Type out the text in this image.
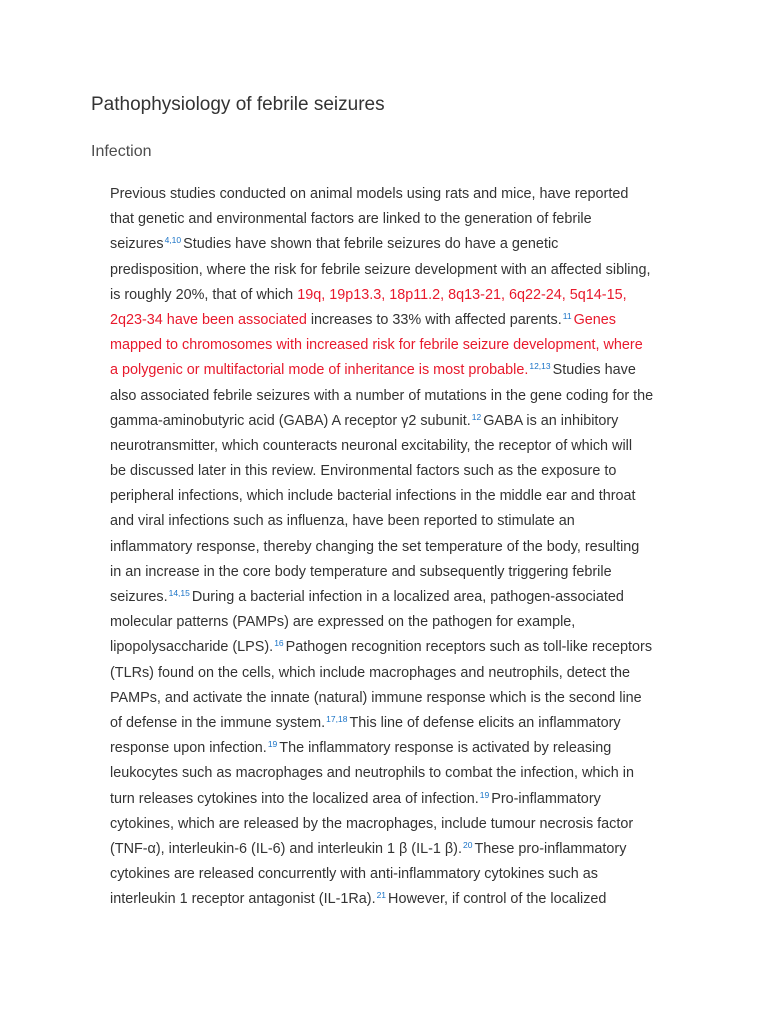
Pathophysiology of febrile seizures
Infection
Previous studies conducted on animal models using rats and mice, have reported
that genetic and environmental factors are linked to the generation of febrile
seizures$^{4,10}$ Studies have shown that febrile seizures do have a genetic
predisposition, where the risk for febrile seizure development with an affected sibling,
is roughly 20%, that of which 19q, 19p13.3, 18p11.2, 8q13-21, 6q22-24, 5q14-15,
2q23-34 have been associated increases to 33% with affected parents.$^{11}$ Genes
mapped to chromosomes with increased risk for febrile seizure development, where
a polygenic or multifactorial mode of inheritance is most probable.$^{12,13}$ Studies have
also associated febrile seizures with a number of mutations in the gene coding for the
gamma-aminobutyric acid (GABA) A receptor γ2 subunit.$^{12}$ GABA is an inhibitory
neurotransmitter, which counteracts neuronal excitability, the receptor of which will
be discussed later in this review. Environmental factors such as the exposure to
peripheral infections, which include bacterial infections in the middle ear and throat
and viral infections such as influenza, have been reported to stimulate an
inflammatory response, thereby changing the set temperature of the body, resulting
in an increase in the core body temperature and subsequently triggering febrile
seizures.$^{14,15}$ During a bacterial infection in a localized area, pathogen-associated
molecular patterns (PAMPs) are expressed on the pathogen for example,
lipopolysaccharide (LPS).$^{16}$ Pathogen recognition receptors such as toll-like receptors
(TLRs) found on the cells, which include macrophages and neutrophils, detect the
PAMPs, and activate the innate (natural) immune response which is the second line
of defense in the immune system.$^{17,18}$ This line of defense elicits an inflammatory
response upon infection.$^{19}$ The inflammatory response is activated by releasing
leukocytes such as macrophages and neutrophils to combat the infection, which in
turn releases cytokines into the localized area of infection.$^{19}$ Pro-inflammatory
cytokines, which are released by the macrophages, include tumour necrosis factor
(TNF-α), interleukin-6 (IL-6) and interleukin 1 β (IL-1 β).$^{20}$ These pro-inflammatory
cytokines are released concurrently with anti-inflammatory cytokines such as
interleukin 1 receptor antagonist (IL-1Ra).$^{21}$ However, if control of the localized
